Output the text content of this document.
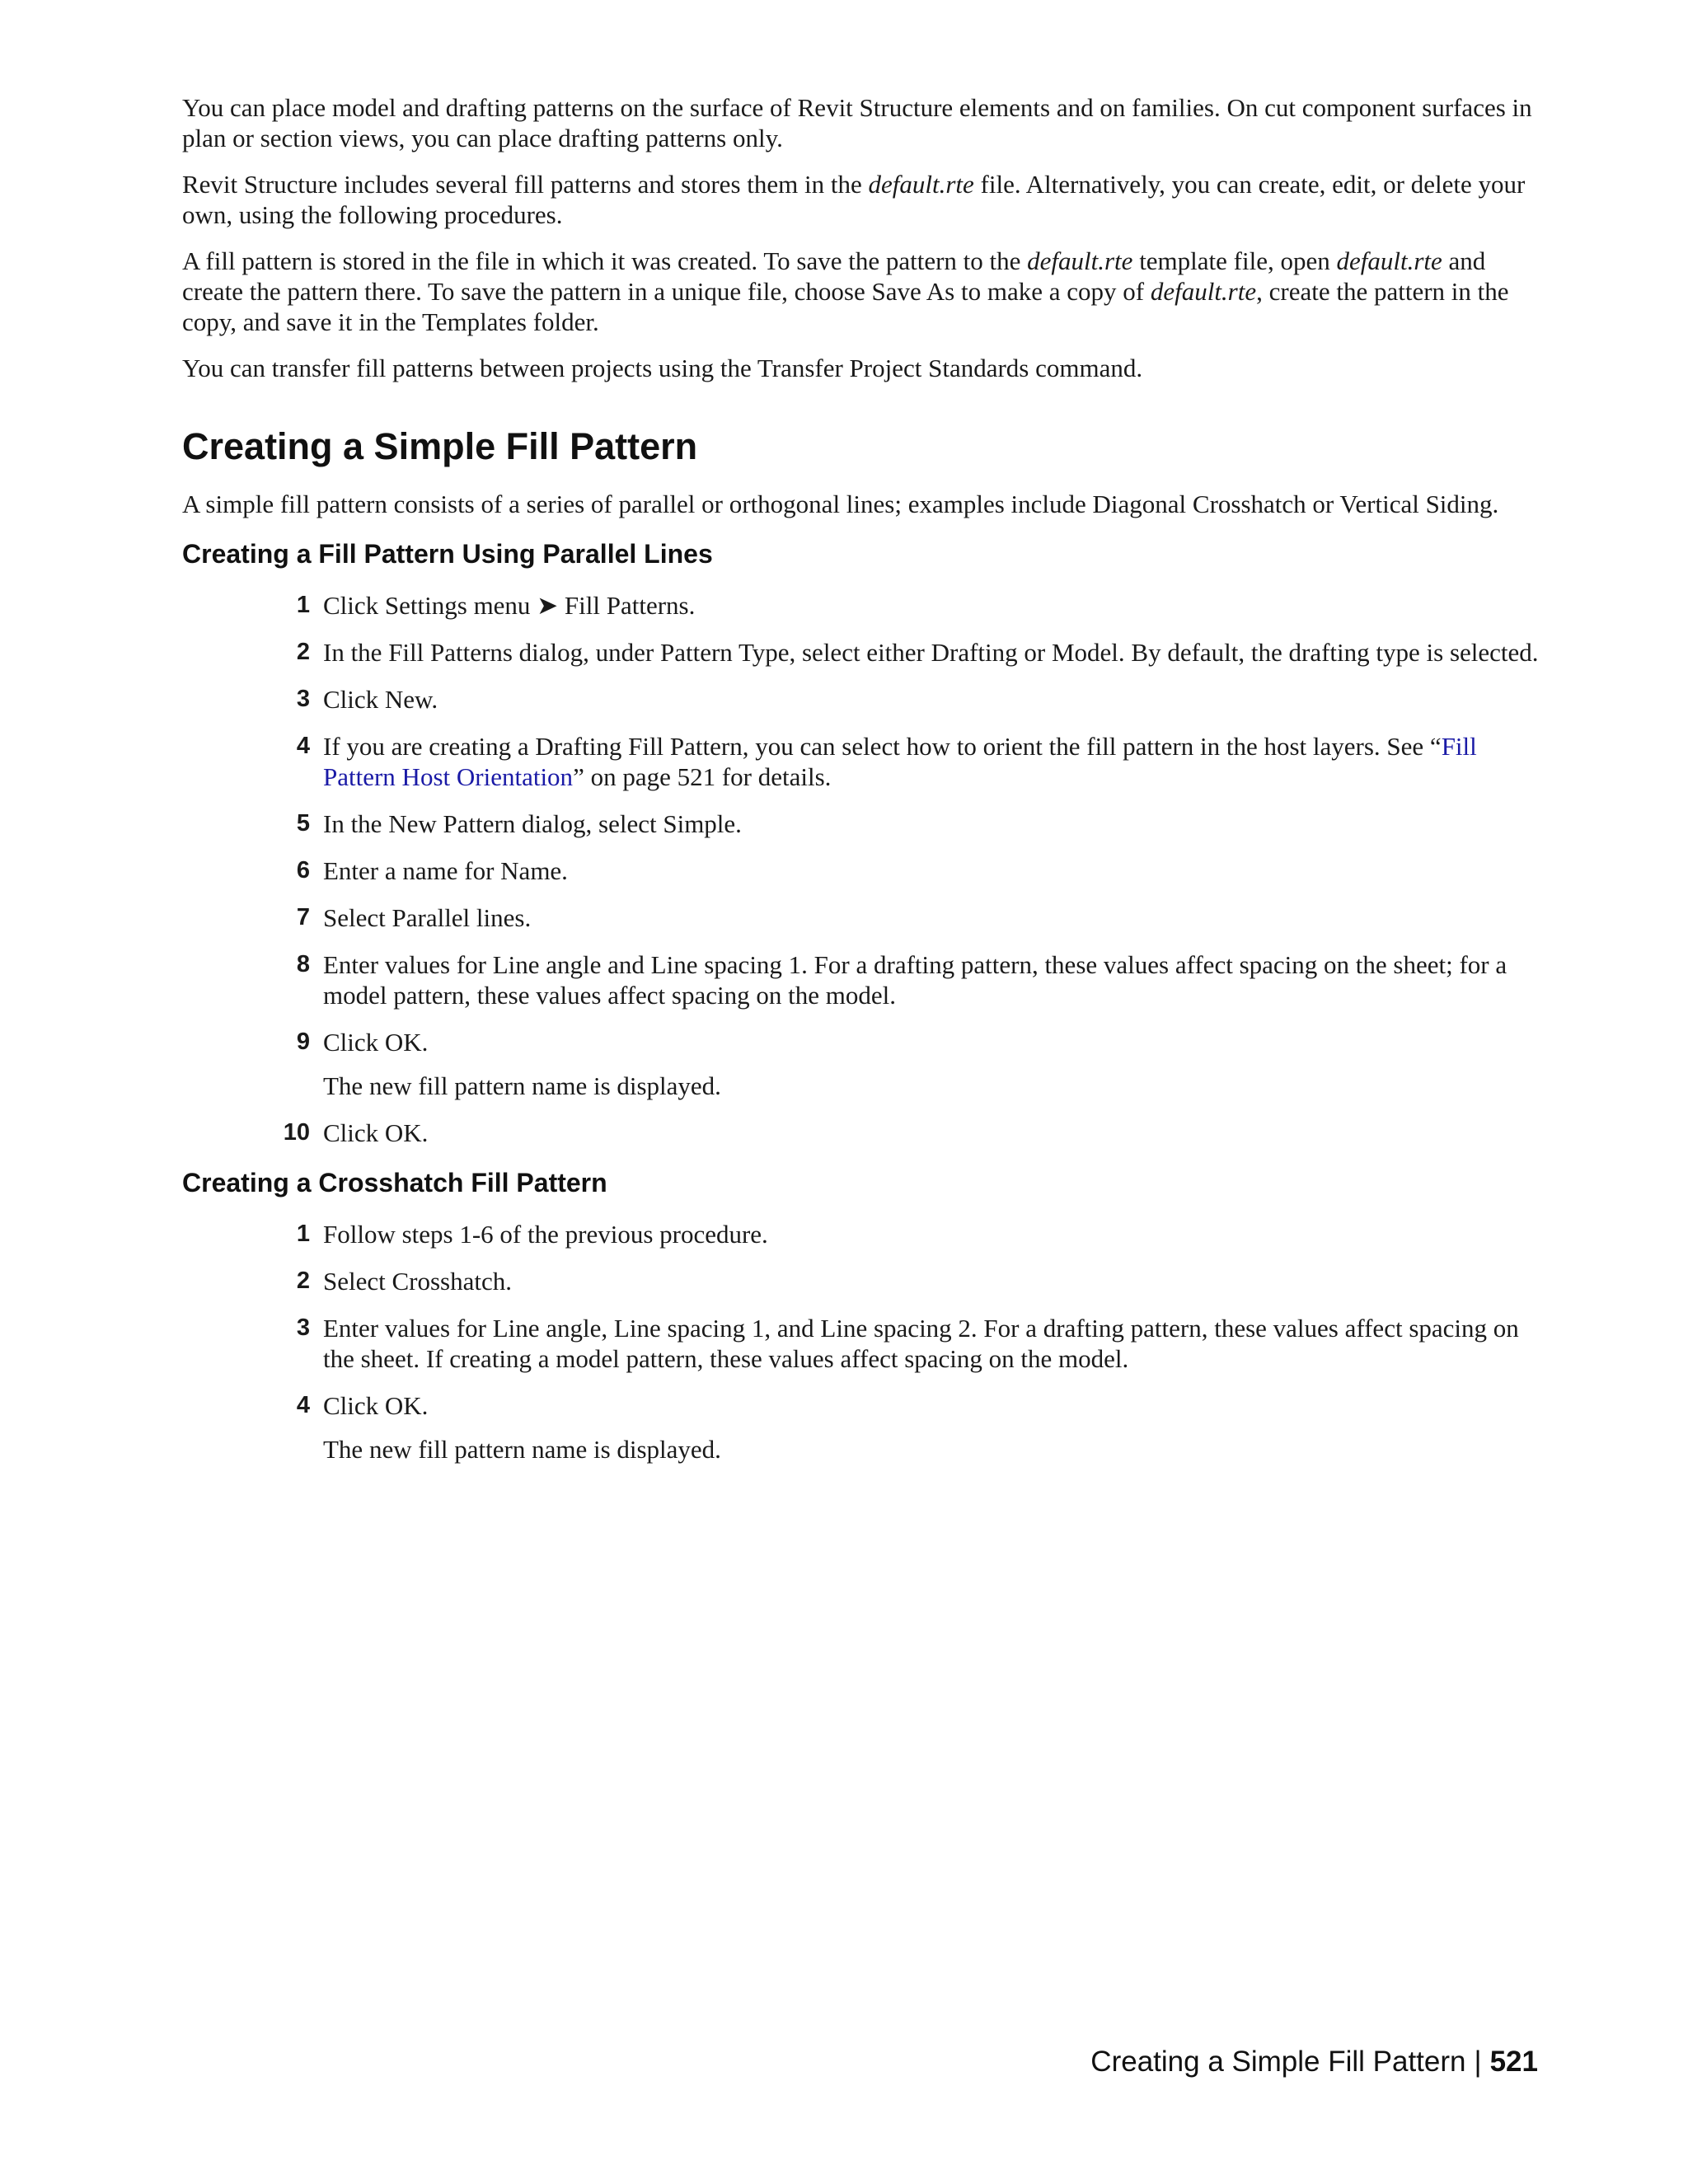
You can place model and drafting patterns on the surface of Revit Structure elements and on families. On cut component surfaces in plan or section views, you can place drafting patterns only.

Revit Structure includes several fill patterns and stores them in the default.rte file. Alternatively, you can create, edit, or delete your own, using the following procedures.

A fill pattern is stored in the file in which it was created. To save the pattern to the default.rte template file, open default.rte and create the pattern there. To save the pattern in a unique file, choose Save As to make a copy of default.rte, create the pattern in the copy, and save it in the Templates folder.

You can transfer fill patterns between projects using the Transfer Project Standards command.

Creating a Simple Fill Pattern

A simple fill pattern consists of a series of parallel or orthogonal lines; examples include Diagonal Crosshatch or Vertical Siding.

Creating a Fill Pattern Using Parallel Lines
1 Click Settings menu ➤ Fill Patterns.
2 In the Fill Patterns dialog, under Pattern Type, select either Drafting or Model. By default, the drafting type is selected.
3 Click New.
4 If you are creating a Drafting Fill Pattern, you can select how to orient the fill pattern in the host layers. See “Fill Pattern Host Orientation” on page 521 for details.
5 In the New Pattern dialog, select Simple.
6 Enter a name for Name.
7 Select Parallel lines.
8 Enter values for Line angle and Line spacing 1. For a drafting pattern, these values affect spacing on the sheet; for a model pattern, these values affect spacing on the model.
9 Click OK.
The new fill pattern name is displayed.
10 Click OK.
Creating a Crosshatch Fill Pattern
1 Follow steps 1-6 of the previous procedure.
2 Select Crosshatch.
3 Enter values for Line angle, Line spacing 1, and Line spacing 2. For a drafting pattern, these values affect spacing on the sheet. If creating a model pattern, these values affect spacing on the model.
4 Click OK.
The new fill pattern name is displayed.
Creating a Simple Fill Pattern | 521
